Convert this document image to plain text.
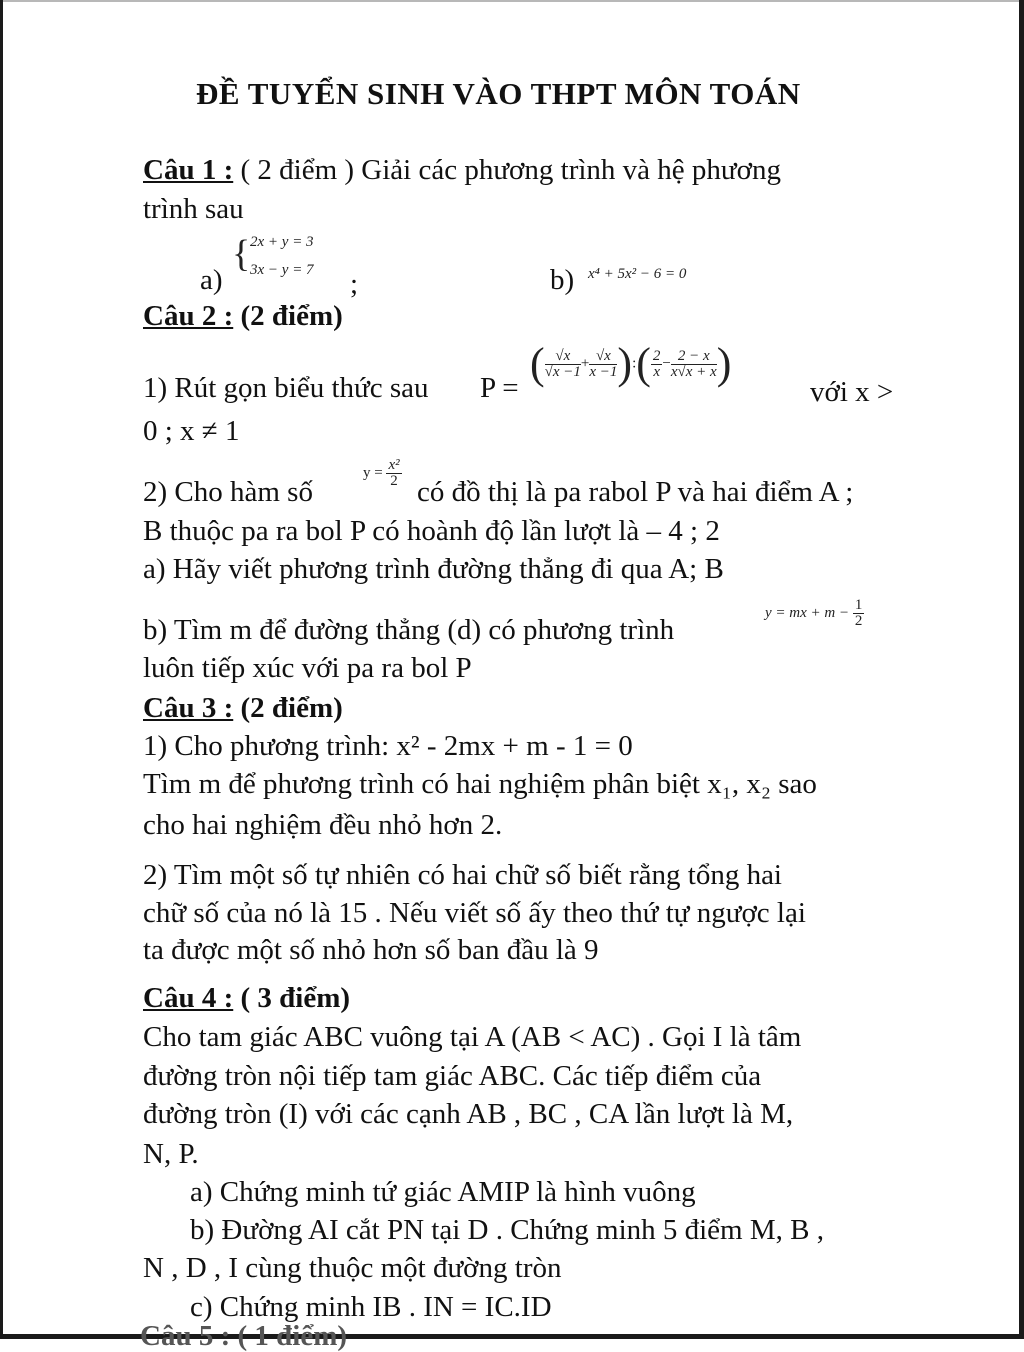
ĐỀ TUYỂN SINH VÀO THPT MÔN TOÁN
Câu 1 : ( 2 điểm ) Giải các phương trình và hệ phương
trình sau
a)
{ 2x + y = 3
3x − y = 7 ;	b) x⁴ + 5x² − 6 = 0
Câu 2 : (2 điểm)
1) Rút gọn biểu thức sau P = ( $\frac{√x}{√x -1} + \frac{√x}{x -1}$ ):( $\frac{2}{x} - \frac{2 - x}{x√x + x}$ )
với x >
0 ; x ≠ 1
2) Cho hàm số
$y = \frac{\text{x²}}{2}$
có đồ thị là pa rabol P và hai điểm A ;
B thuộc pa ra bol P có hoành độ lần lượt là – 4 ; 2
a) Hãy viết phương trình đường thẳng đi qua A; B
b) Tìm m để đường thẳng (d) có phương trình
y = mx + $m - \frac{1}{2}$
luôn tiếp xúc với pa ra bol P
Câu 3 : (2 điểm)
1) Cho phương trình: x² - 2mx + m - 1 = 0
Tìm m để phương trình có hai nghiệm phân biệt x₁, x₂ sao
cho hai nghiệm đều nhỏ hơn 2.
2) Tìm một số tự nhiên có hai chữ số biết rằng tổng hai
chữ số của nó là 15 . Nếu viết số ấy theo thứ tự ngược lại
ta được một số nhỏ hơn số ban đầu là 9
Câu 4 : ( 3 điểm)
Cho tam giác ABC vuông tại A (AB < AC) . Gọi I là tâm
đường tròn nội tiếp tam giác ABC. Các tiếp điểm của
đường tròn (I) với các cạnh AB , BC , CA lần lượt là M,
N, P.
a) Chứng minh tứ giác AMIP là hình vuông
b) Đường AI cắt PN tại D . Chứng minh 5 điểm M, B ,
N , D , I cùng thuộc một đường tròn
c) Chứng minh IB . IN = IC.ID
Câu 5 : ( 1 điểm)
